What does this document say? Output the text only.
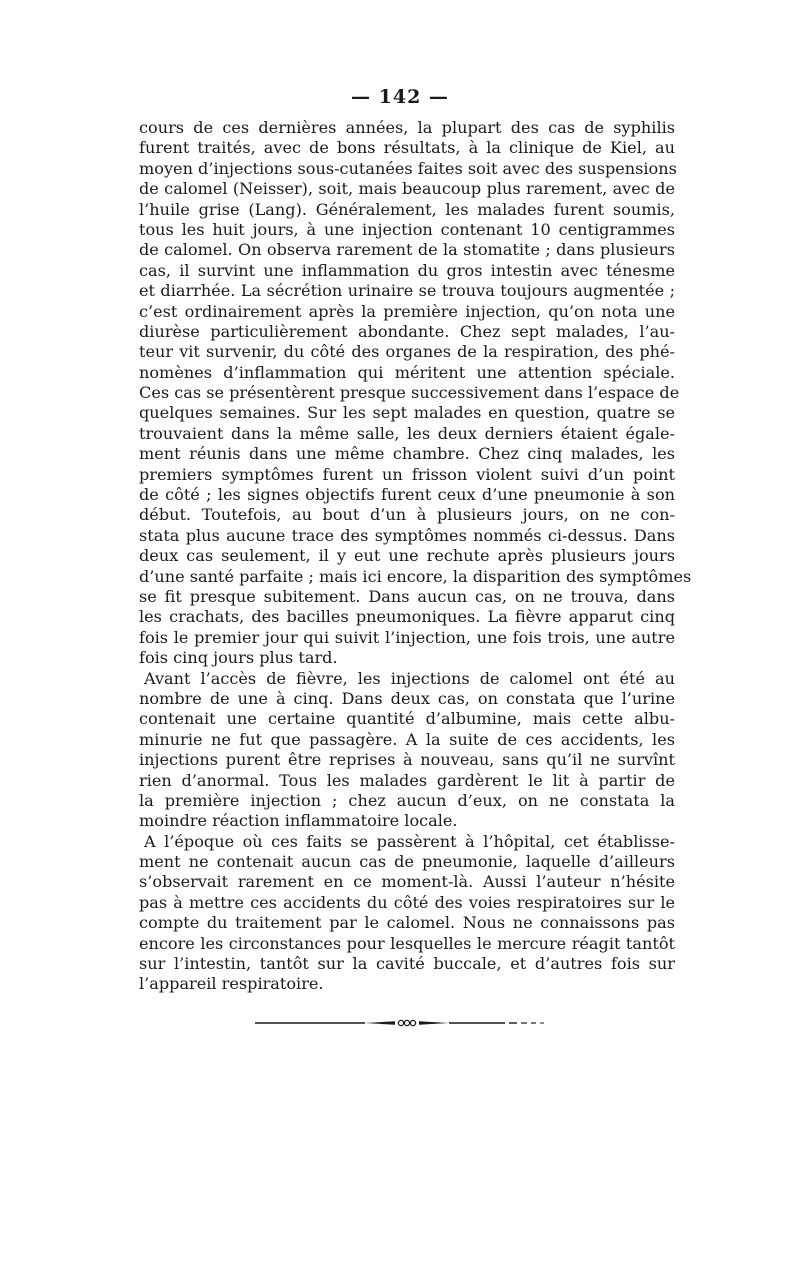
— 142 —
cours de ces dernières années, la plupart des cas de syphilis
furent traités, avec de bons résultats, à la clinique de Kiel, au
moyen d’injections sous-cutanées faites soit avec des suspensions
de calomel (Neisser), soit, mais beaucoup plus rarement, avec de
l’huile grise (Lang). Généralement, les malades furent soumis,
tous les huit jours, à une injection contenant 10 centigrammes
de calomel. On observa rarement de la stomatite ; dans plusieurs
cas, il survint une inflammation du gros intestin avec ténesme
et diarrhée. La sécrétion urinaire se trouva toujours augmentée ;
c’est ordinairement après la première injection, qu’on nota une
diurèse particulièrement abondante. Chez sept malades, l’au-
teur vit survenir, du côté des organes de la respiration, des phé-
nomènes d’inflammation qui méritent une attention spéciale.
Ces cas se présentèrent presque successivement dans l’espace de
quelques semaines. Sur les sept malades en question, quatre se
trouvaient dans la même salle, les deux derniers étaient égale-
ment réunis dans une même chambre. Chez cinq malades, les
premiers symptômes furent un frisson violent suivi d’un point
de côté ; les signes objectifs furent ceux d’une pneumonie à son
début. Toutefois, au bout d’un à plusieurs jours, on ne con-
stata plus aucune trace des symptômes nommés ci-dessus. Dans
deux cas seulement, il y eut une rechute après plusieurs jours
d’une santé parfaite ; mais ici encore, la disparition des symptômes
se fit presque subitement. Dans aucun cas, on ne trouva, dans
les crachats, des bacilles pneumoniques. La fièvre apparut cinq
fois le premier jour qui suivit l’injection, une fois trois, une autre
fois cinq jours plus tard.
Avant l’accès de fièvre, les injections de calomel ont été au
nombre de une à cinq. Dans deux cas, on constata que l’urine
contenait une certaine quantité d’albumine, mais cette albu-
minurie ne fut que passagère. A la suite de ces accidents, les
injections purent être reprises à nouveau, sans qu’il ne survînt
rien d’anormal. Tous les malades gardèrent le lit à partir de
la première injection ; chez aucun d’eux, on ne constata la
moindre réaction inflammatoire locale.
A l’époque où ces faits se passèrent à l’hôpital, cet établisse-
ment ne contenait aucun cas de pneumonie, laquelle d’ailleurs
s’observait rarement en ce moment-là. Aussi l’auteur n’hésite
pas à mettre ces accidents du côté des voies respiratoires sur le
compte du traitement par le calomel. Nous ne connaissons pas
encore les circonstances pour lesquelles le mercure réagit tantôt
sur l’intestin, tantôt sur la cavité buccale, et d’autres fois sur
l’appareil respiratoire.
